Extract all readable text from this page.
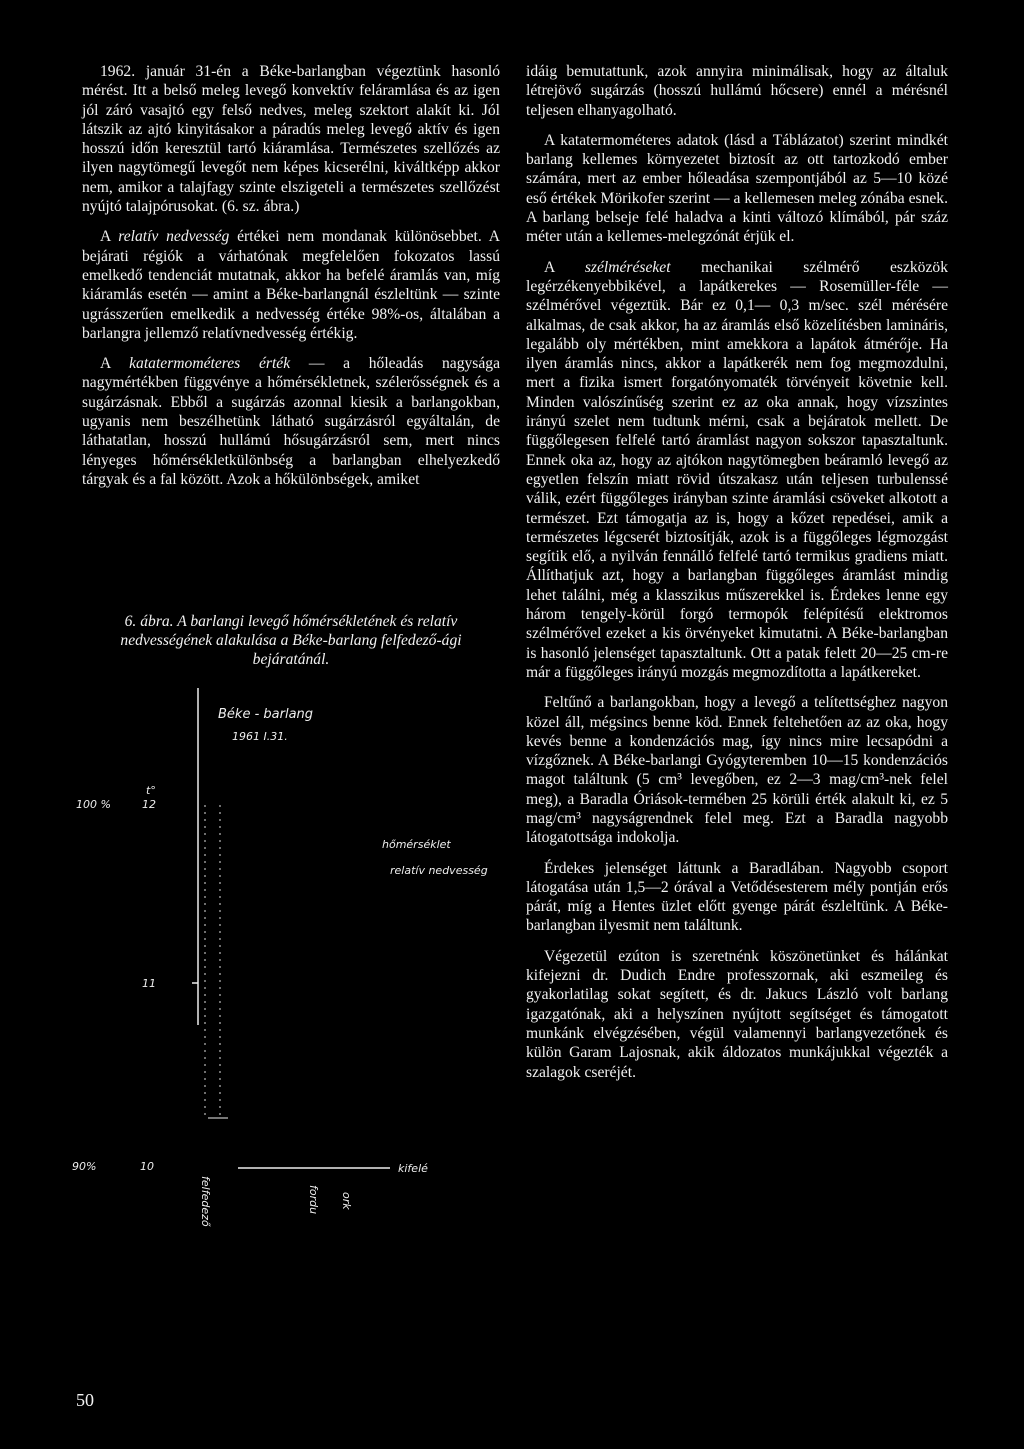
1962. január 31-én a Béke-barlangban végeztünk hasonló mérést. Itt a belső meleg levegő konvektív feláramlása és az igen jól záró vasajtó egy felső nedves, meleg szektort alakít ki. Jól látszik az ajtó kinyitásakor a páradús meleg levegő aktív és igen hosszú időn keresztül tartó kiáramlása. Természetes szellőzés az ilyen nagytömegű levegőt nem képes kicserélni, kiváltképp akkor nem, amikor a talajfagy szinte elszigeteli a természetes szellőzést nyújtó talajpórusokat. (6. sz. ábra.)

A relatív nedvesség értékei nem mondanak különösebbet. A bejárati régiók a várhatónak megfelelően fokozatos lassú emelkedő tendenciát mutatnak, akkor ha befelé áramlás van, míg kiáramlás esetén — amint a Béke-barlangnál észleltünk — szinte ugrásszerűen emelkedik a nedvesség értéke 98%-os, általában a barlangra jellemző relatívnedvesség értékig.

A katatermométeres érték — a hőleadás nagysága nagymértékben függvénye a hőmérsékletnek, szélerősségnek és a sugárzásnak. Ebből a sugárzás azonnal kiesik a barlangokban, ugyanis nem beszélhetünk látható sugárzásról egyáltalán, de láthatatlan, hosszú hullámú hősugárzásról sem, mert nincs lényeges hőmérsékletkülönbség a barlangban elhelyezkedő tárgyak és a fal között. Azok a hőkülönbségek, amiket

6. ábra. A barlangi levegő hőmérsékletének és relatív nedvességének alakulása a Béke-barlang felfedező-ági bejáratánál.
Béke - barlang
1961 I.31.
100 %
t°
12
11
90%	10
hőmérséklet
relatív nedvesség
kifelé
felfedező	fordu ork

idáig bemutattunk, azok annyira minimálisak, hogy az általuk létrejövő sugárzás (hosszú hullámú hőcsere) ennél a mérésnél teljesen elhanyagolható.

A katatermométeres adatok (lásd a Táblázatot) szerint mindkét barlang kellemes környezetet biztosít az ott tartozkodó ember számára, mert az ember hőleadása szempontjából az 5—10 közé eső értékek Mörikofer szerint — a kellemesen meleg zónába esnek. A barlang belseje felé haladva a kinti változó klímából, pár száz méter után a kellemes-melegzónát érjük el.

A szélméréseket mechanikai szélmérő eszközök legérzékenyebbikével, a lapátkerekes — Rosemüller-féle — szélmérővel végeztük. Bár ez 0,1— 0,3 m/sec. szél mérésére alkalmas, de csak akkor, ha az áramlás első közelítésben lamináris, legalább oly mértékben, mint amekkora a lapátok átmérője. Ha ilyen áramlás nincs, akkor a lapátkerék nem fog megmozdulni, mert a fizika ismert forgatónyomaték törvényeit követnie kell. Minden valószínűség szerint ez az oka annak, hogy vízszintes irányú szelet nem tudtunk mérni, csak a bejáratok mellett. De függőlegesen felfelé tartó áramlást nagyon sokszor tapasztaltunk. Ennek oka az, hogy az ajtókon nagytömegben beáramló levegő az egyetlen felszín miatt rövid útszakasz után teljesen turbulenssé válik, ezért függőleges irányban szinte áramlási csöveket alkotott a természet. Ezt támogatja az is, hogy a kőzet repedései, amik a természetes légcserét biztosítják, azok is a függőleges légmozgást segítik elő, a nyilván fennálló felfelé tartó termikus gradiens miatt. Állíthatjuk azt, hogy a barlangban függőleges áramlást mindig lehet találni, még a klasszikus műszerekkel is. Érdekes lenne egy három tengely-körül forgó termopók felépítésű elektromos szélmérővel ezeket a kis örvényeket kimutatni. A Béke-barlangban is hasonló jelenséget tapasztaltunk. Ott a patak felett 20—25 cm-re már a függőleges irányú mozgás megmozdította a lapátkereket.

Feltűnő a barlangokban, hogy a levegő a telítettséghez nagyon közel áll, mégsincs benne köd. Ennek feltehetően az az oka, hogy kevés benne a kondenzációs mag, így nincs mire lecsapódni a vízgőznek. A Béke-barlangi Gyógyteremben 10—15 kondenzációs magot találtunk (5 cm³ levegőben, ez 2—3 mag/cm³-nek felel meg), a Baradla Óriások-termében 25 körüli érték alakult ki, ez 5 mag/cm³ nagyságrendnek felel meg. Ezt a Baradla nagyobb látogatottsága indokolja.

Érdekes jelenséget láttunk a Baradlában. Nagyobb csoport látogatása után 1,5—2 órával a Vetődésesterem mély pontján erős párát, míg a Hentes üzlet előtt gyenge párát észleltünk. A Béke-barlangban ilyesmit nem találtunk.

Végezetül ezúton is szeretnénk köszönetünket és hálánkat kifejezni dr. Dudich Endre professzornak, aki eszmeileg és gyakorlatilag sokat segített, és dr. Jakucs László volt barlang igazgatónak, aki a helyszínen nyújtott segítséget és támogatott munkánk elvégzésében, végül valamennyi barlangvezetőnek és külön Garam Lajosnak, akik áldozatos munkájukkal végezték a szalagok cseréjét.

50
